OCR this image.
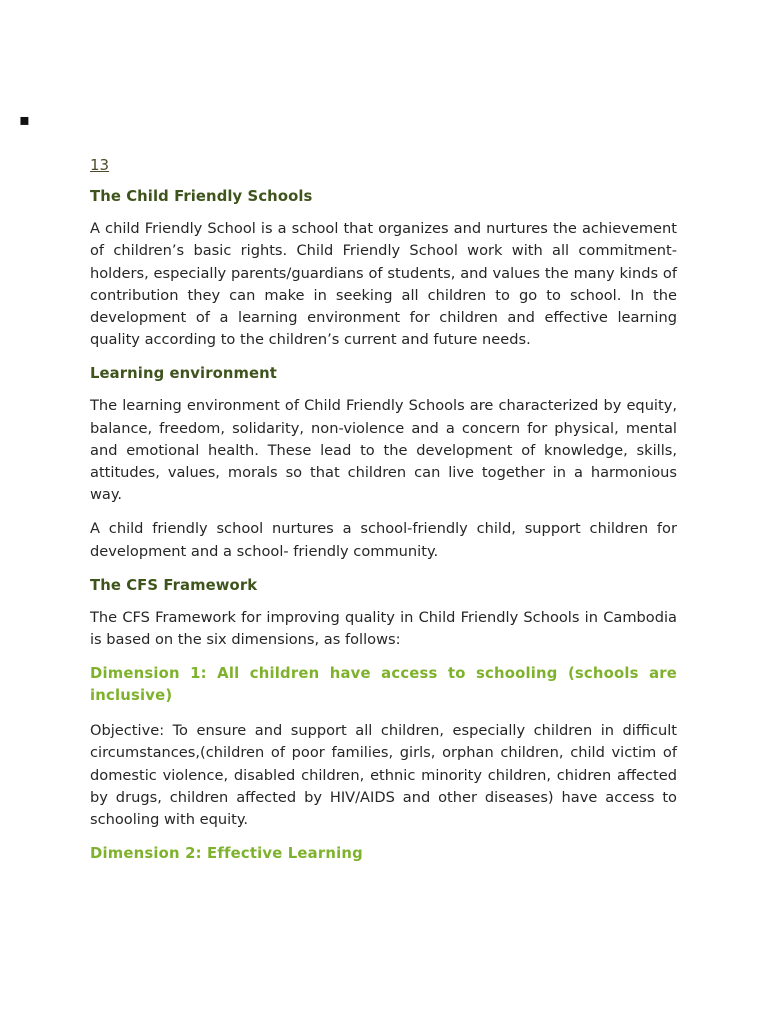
▪
13
The Child Friendly Schools

A child Friendly School is a school that organizes and nurtures the achievement of children’s basic rights. Child Friendly School work with all commitment-holders, especially parents/guardians of students, and values the many kinds of contribution they can make in seeking all children to go to school. In the development of a learning environment for children and effective learning quality according to the children’s current and future needs.

Learning environment

The learning environment of Child Friendly Schools are characterized by equity, balance, freedom, solidarity, non-violence and a concern for physical, mental and emotional health. These lead to the development of knowledge, skills, attitudes, values, morals so that children can live together in a harmonious way.

A child friendly school nurtures a school-friendly child, support children for development and a school- friendly community.

The CFS Framework

The CFS Framework for improving quality in Child Friendly Schools in Cambodia is based on the six dimensions, as follows:

Dimension 1: All children have access to schooling (schools are inclusive)

Objective: To ensure and support all children, especially children in difficult circumstances,(children of poor families, girls, orphan children, child victim of domestic violence, disabled children, ethnic minority children, chidren affected by drugs, children affected by HIV/AIDS and other diseases) have access to schooling with equity.

Dimension 2: Effective Learning
